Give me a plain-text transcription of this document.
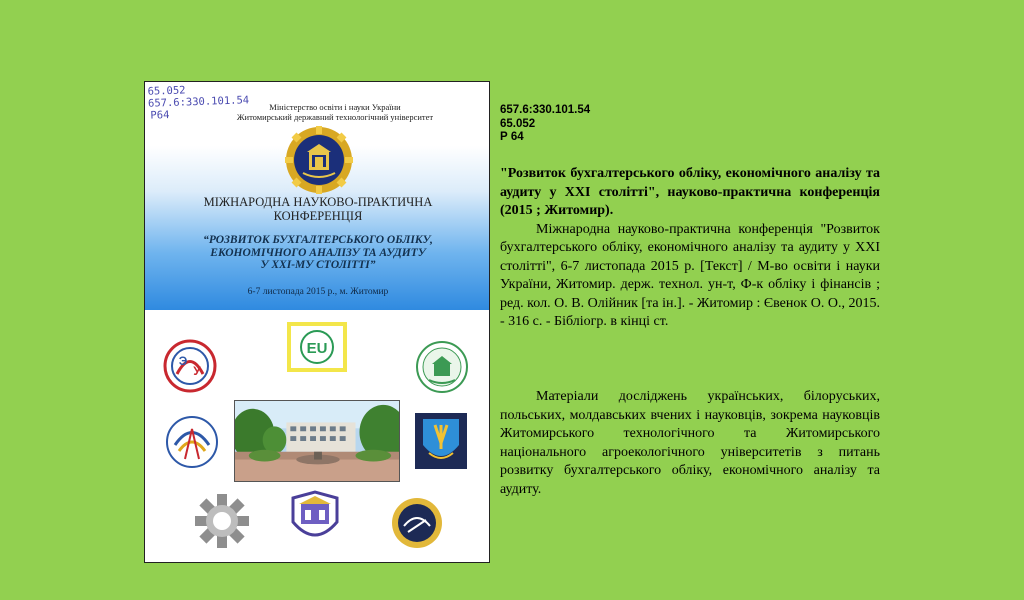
65.052
657.6:330.101.54
P64
Міністерство освіти і науки України
Житомирський державний технологічний університет
МІЖНАРОДНА НАУКОВО-ПРАКТИЧНА
КОНФЕРЕНЦІЯ
“РОЗВИТОК БУХГАЛТЕРСЬКОГО ОБЛІКУ,
ЕКОНОМІЧНОГО АНАЛІЗУ ТА АУДИТУ
У ХХІ-МУ СТОЛІТТІ”
6-7 листопада 2015 р., м. Житомир
EU
Э
У
657.6:330.101.54
65.052
Р 64
"Розвиток бухгалтерського обліку, економічного аналізу та аудиту у ХХІ столітті", науково-практична конференція (2015 ; Житомир).
Міжнародна науково-практична конференція "Розвиток бухгалтерського обліку, економічного аналізу та аудиту у ХХІ столітті", 6-7 листопада 2015 р. [Текст] / М-во освіти і науки України, Житомир. держ. технол. ун-т, Ф-к обліку і фінансів ; ред. кол. О. В. Олійник [та ін.]. - Житомир : Євенок О. О., 2015. - 316 с. - Бібліогр. в кінці ст.
Матеріали досліджень українських, білоруських, польських, молдавських вчених і науковців, зокрема науковців Житомирського технологічного та Житомирського національного агроекологічного університетів з питань розвитку бухгалтерського обліку, економічного аналізу та аудиту.
